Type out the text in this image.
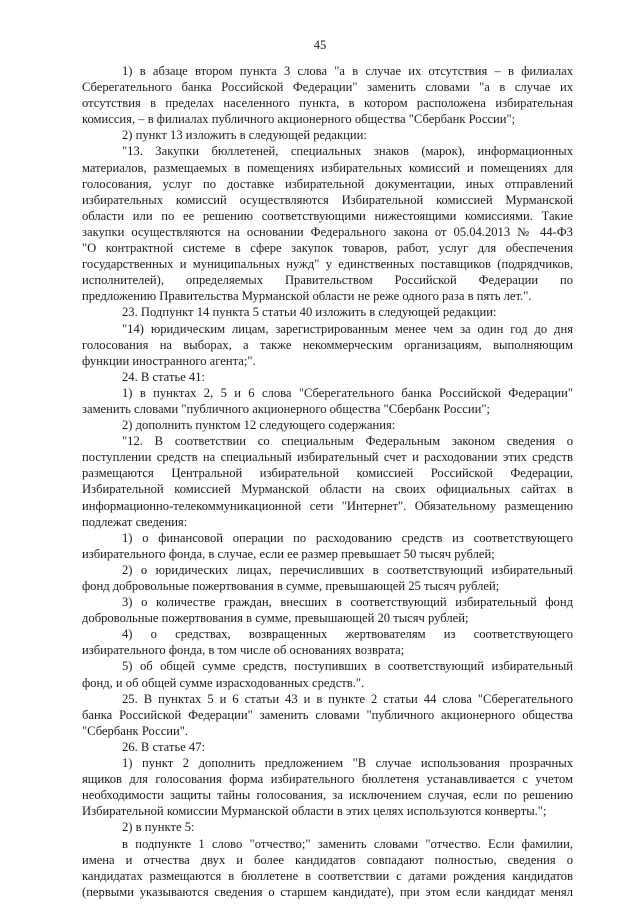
45
1) в абзаце втором пункта 3 слова "а в случае их отсутствия – в филиалах
Сберегательного банка Российской Федерации" заменить словами "а в случае их
отсутствия в пределах населенного пункта, в котором расположена избирательная
комиссия, – в филиалах публичного акционерного общества "Сбербанк России";
2) пункт 13 изложить в следующей редакции:
"13. Закупки бюллетеней, специальных знаков (марок), информационных
материалов, размещаемых в помещениях избирательных комиссий и помещениях для
голосования, услуг по доставке избирательной документации, иных отправлений
избирательных комиссий осуществляются Избирательной комиссией Мурманской
области или по ее решению соответствующими нижестоящими комиссиями. Такие
закупки осуществляются на основании Федерального закона от 05.04.2013 № 44-ФЗ
"О контрактной системе в сфере закупок товаров, работ, услуг для обеспечения
государственных и муниципальных нужд" у единственных поставщиков (подрядчиков,
исполнителей), определяемых Правительством Российской Федерации по
предложению Правительства Мурманской области не реже одного раза в пять лет.".
23. Подпункт 14 пункта 5 статьи 40 изложить в следующей редакции:
"14) юридическим лицам, зарегистрированным менее чем за один год до дня
голосования на выборах, а также некоммерческим организациям, выполняющим
функции иностранного агента;".
24. В статье 41:
1) в пунктах 2, 5 и 6 слова "Сберегательного банка Российской Федерации"
заменить словами "публичного акционерного общества "Сбербанк России";
2) дополнить пунктом 12 следующего содержания:
"12. В соответствии со специальным Федеральным законом сведения о
поступлении средств на специальный избирательный счет и расходовании этих средств
размещаются Центральной избирательной комиссией Российской Федерации,
Избирательной комиссией Мурманской области на своих официальных сайтах в
информационно-телекоммуникационной сети "Интернет". Обязательному размещению
подлежат сведения:
1) о финансовой операции по расходованию средств из соответствующего
избирательного фонда, в случае, если ее размер превышает 50 тысяч рублей;
2) о юридических лицах, перечисливших в соответствующий избирательный
фонд добровольные пожертвования в сумме, превышающей 25 тысяч рублей;
3) о количестве граждан, внесших в соответствующий избирательный фонд
добровольные пожертвования в сумме, превышающей 20 тысяч рублей;
4) о средствах, возвращенных жертвователям из соответствующего
избирательного фонда, в том числе об основаниях возврата;
5) об общей сумме средств, поступивших в соответствующий избирательный
фонд, и об общей сумме израсходованных средств.".
25. В пунктах 5 и 6 статьи 43 и в пункте 2 статьи 44 слова "Сберегательного
банка Российской Федерации" заменить словами "публичного акционерного общества
"Сбербанк России".
26. В статье 47:
1) пункт 2 дополнить предложением "В случае использования прозрачных
ящиков для голосования форма избирательного бюллетеня устанавливается с учетом
необходимости защиты тайны голосования, за исключением случая, если по решению
Избирательной комиссии Мурманской области в этих целях используются конверты.";
2) в пункте 5:
в подпункте 1 слово "отчество;" заменить словами "отчество. Если фамилии,
имена и отчества двух и более кандидатов совпадают полностью, сведения о
кандидатах размещаются в бюллетене в соответствии с датами рождения кандидатов
(первыми указываются сведения о старшем кандидате), при этом если кандидат менял
